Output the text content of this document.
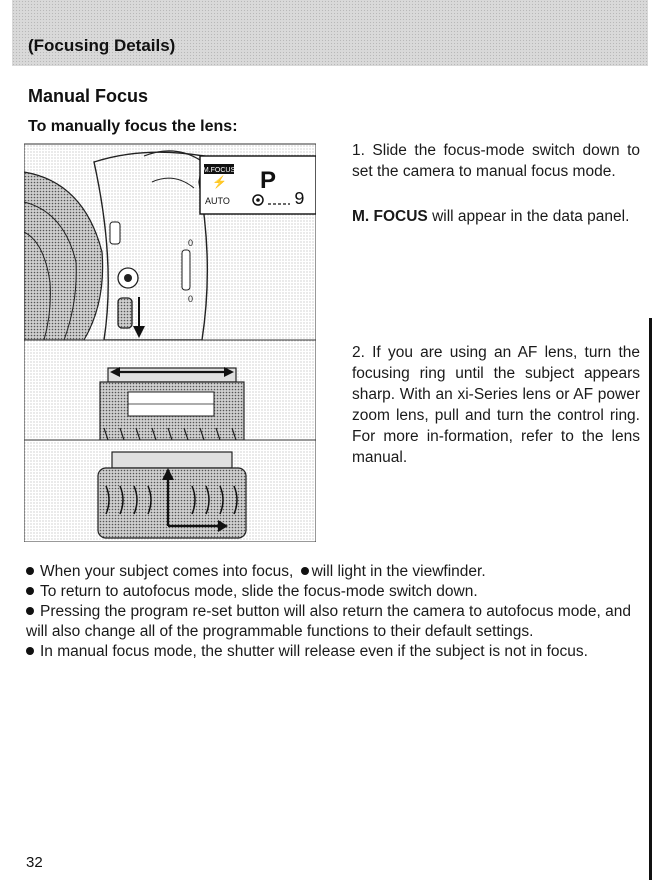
(Focusing Details)
Manual Focus
To manually focus the lens:
0
0
M.FOCUS
⚡ P
AUTO	9
1. Slide the focus-mode switch down to set the camera to manual focus mode.
M. FOCUS will appear in the data panel.
2. If you are using an AF lens, turn the focusing ring until the subject appears sharp. With an xi-Series lens or AF power zoom lens, pull and turn the control ring. For more in-formation, refer to the lens manual.

When your subject comes into focus, will light in the viewfinder.

To return to autofocus mode, slide the focus-mode switch down.

Pressing the program re-set button will also return the camera to autofocus mode, and will also change all of the programmable functions to their default settings.

In manual focus mode, the shutter will release even if the subject is not in focus.

32
